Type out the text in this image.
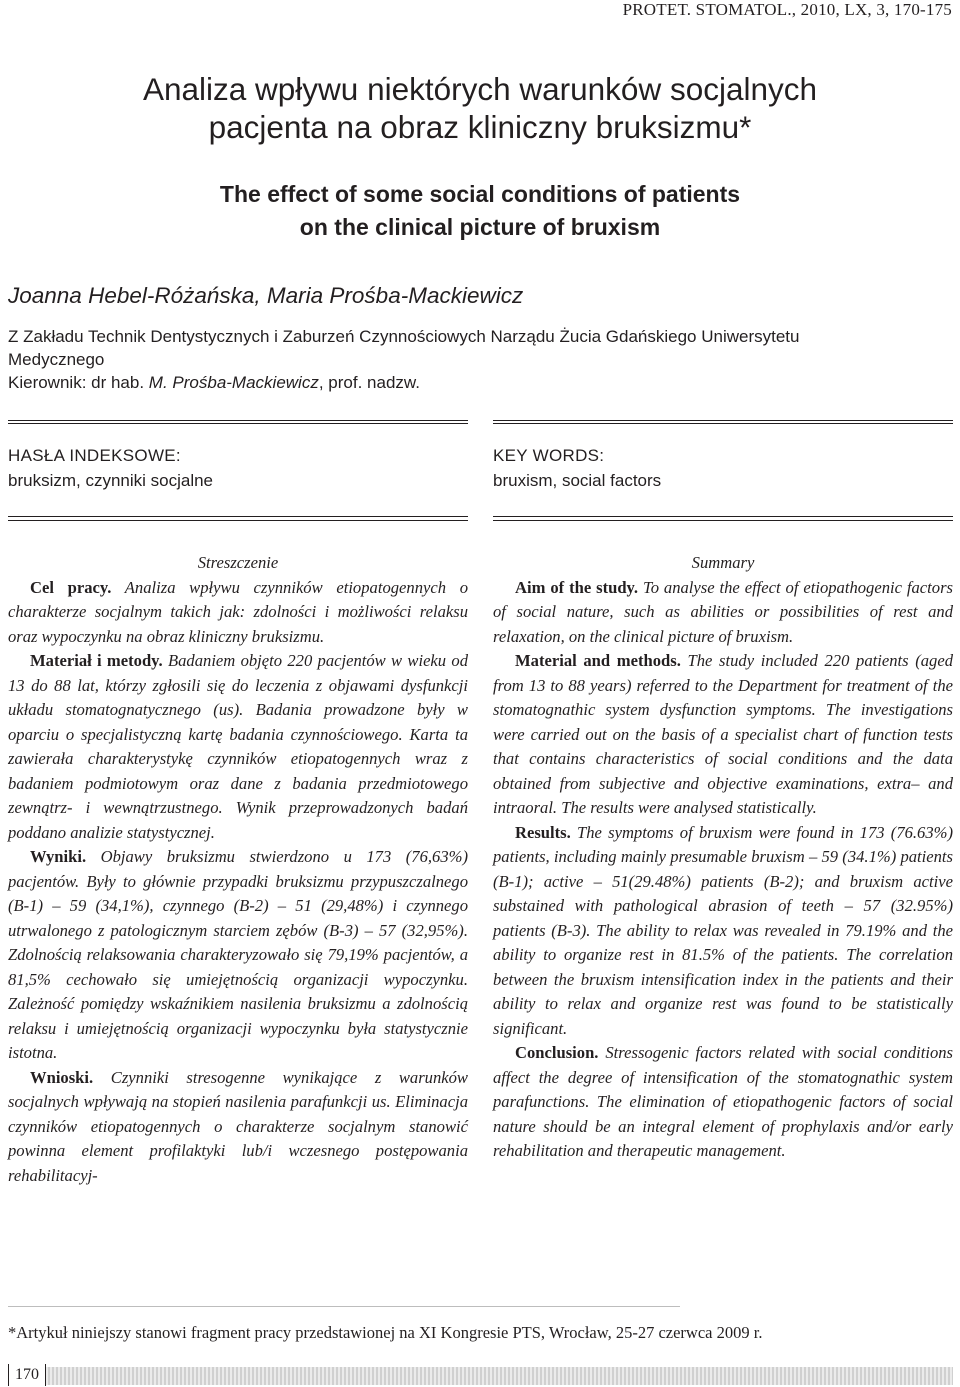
PROTET. STOMATOL., 2010, LX, 3, 170-175
Analiza wpływu niektórych warunków socjalnych
pacjenta na obraz kliniczny bruksizmu*
The effect of some social conditions of patients
on the clinical picture of bruxism
Joanna Hebel-Różańska, Maria Prośba-Mackiewicz
Z Zakładu Technik Dentystycznych i Zaburzeń Czynnościowych Narządu Żucia Gdańskiego Uniwersytetu
Medycznego
Kierownik: dr hab. M. Prośba-Mackiewicz, prof. nadzw.
HASŁA INDEKSOWE:
bruksizm, czynniki socjalne
KEY WORDS:
bruxism, social factors
Streszczenie

Cel pracy. Analiza wpływu czynników etiopatogennych o charakterze socjalnym takich jak: zdolności i możliwości relaksu oraz wypoczynku na obraz kliniczny bruksizmu.

Materiał i metody. Badaniem objęto 220 pacjentów w wieku od 13 do 88 lat, którzy zgłosili się do leczenia z objawami dysfunkcji układu stomatognatycznego (us). Badania prowadzone były w oparciu o specjalistyczną kartę badania czynnościowego. Karta ta zawierała charakterystykę czynników etiopatogennych wraz z badaniem podmiotowym oraz dane z badania przedmiotowego zewnątrz- i wewnątrzustnego. Wynik przeprowadzonych badań poddano analizie statystycznej.

Wyniki. Objawy bruksizmu stwierdzono u 173 (76,63%) pacjentów. Były to głównie przypadki bruksizmu przypuszczalnego (B-1) – 59 (34,1%), czynnego (B-2) – 51 (29,48%) i czynnego utrwalonego z patologicznym starciem zębów (B-3) – 57 (32,95%). Zdolnością relaksowania charakteryzowało się 79,19% pacjentów, a 81,5% cechowało się umiejętnością organizacji wypoczynku. Zależność pomiędzy wskaźnikiem nasilenia bruksizmu a zdolnością relaksu i umiejętnością organizacji wypoczynku była statystycznie istotna.

Wnioski. Czynniki stresogenne wynikające z warunków socjalnych wpływają na stopień nasilenia parafunkcji us. Eliminacja czynników etiopatogennych o charakterze socjalnym stanowić powinna element profilaktyki lub/i wczesnego postępowania rehabilitacyj-

Summary

Aim of the study. To analyse the effect of etiopathogenic factors of social nature, such as abilities or possibilities of rest and relaxation, on the clinical picture of bruxism.

Material and methods. The study included 220 patients (aged from 13 to 88 years) referred to the Department for treatment of the stomatognathic system dysfunction symptoms. The investigations were carried out on the basis of a specialist chart of function tests that contains characteristics of social conditions and the data obtained from subjective and objective examinations, extra– and intraoral. The results were analysed statistically.

Results. The symptoms of bruxism were found in 173 (76.63%) patients, including mainly presumable bruxism – 59 (34.1%) patients (B-1); active – 51(29.48%) patients (B-2); and bruxism active substained with pathological abrasion of teeth – 57 (32.95%) patients (B-3). The ability to relax was revealed in 79.19% and the ability to organize rest in 81.5% of the patients. The correlation between the bruxism intensification index in the patients and their ability to relax and organize rest was found to be statistically significant.

Conclusion. Stressogenic factors related with social conditions affect the degree of intensification of the stomatognathic system parafunctions. The elimination of etiopathogenic factors of social nature should be an integral element of prophylaxis and/or early rehabilitation and therapeutic management.

*Artykuł niniejszy stanowi fragment pracy przedstawionej na XI Kongresie PTS, Wrocław, 25-27 czerwca 2009 r.
170
